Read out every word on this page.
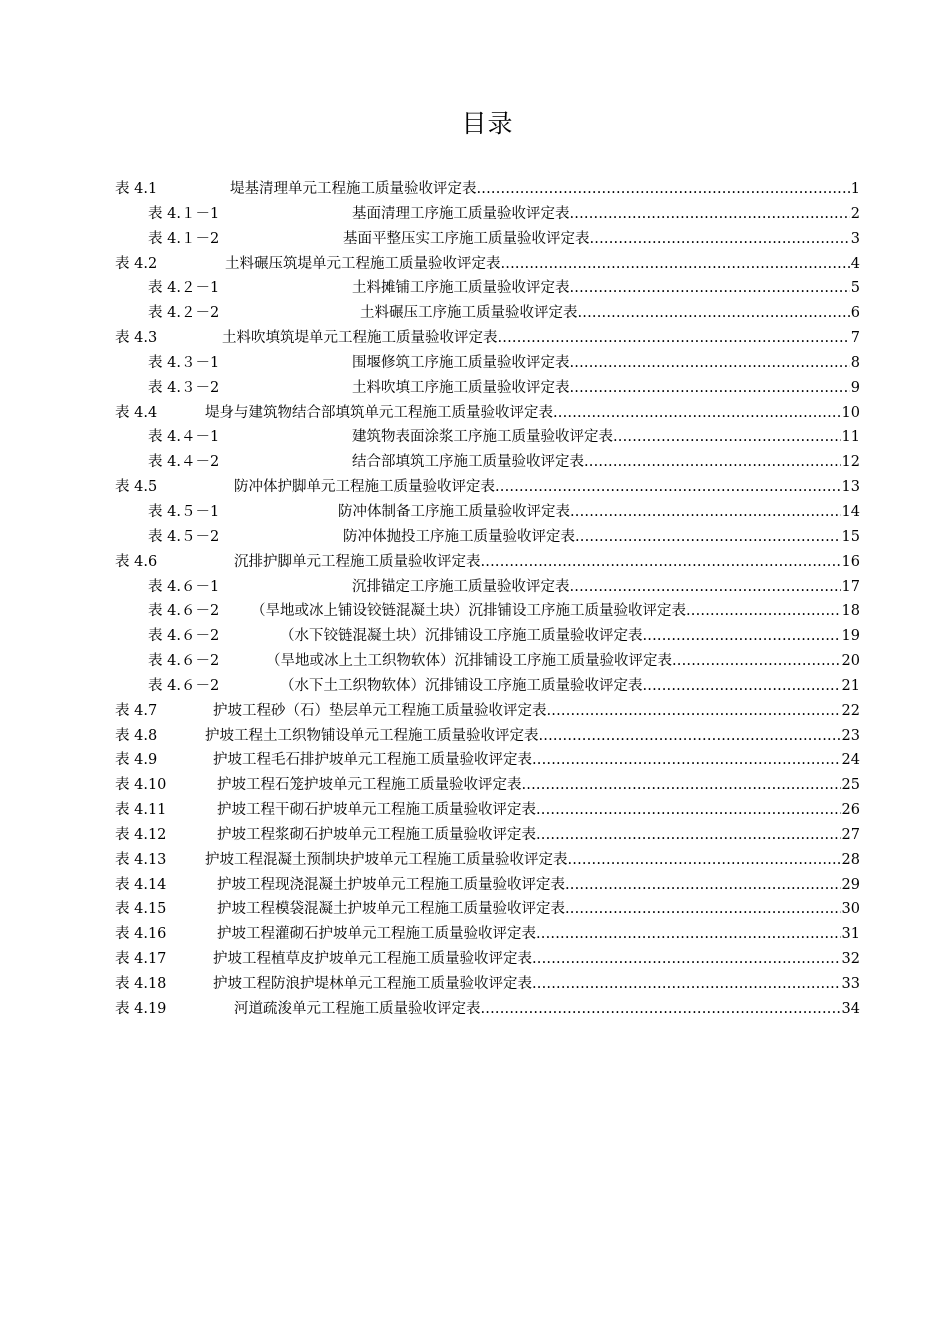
目录
表 4.1	堤基清理单元工程施工质量验收评定表 .....	1
表 4.１－1	基面清理工序施工质量验收评定表 .....	2
表 4.１－2	基面平整压实工序施工质量验收评定表 .....	3
表 4.2	土料碾压筑堤单元工程施工质量验收评定表 .....	4
表 4.２－1	土料摊铺工序施工质量验收评定表 .....	5
表 4.２－2	土料碾压工序施工质量验收评定表 .....	6
表 4.3	土料吹填筑堤单元工程施工质量验收评定表 .....	7
表 4.３－1	围堰修筑工序施工质量验收评定表 .....	8
表 4.３－2	土料吹填工序施工质量验收评定表 .....	9
表 4.4	堤身与建筑物结合部填筑单元工程施工质量验收评定表 .....	10
表 4.４－1	建筑物表面涂浆工序施工质量验收评定表 .....	11
表 4.４－2	结合部填筑工序施工质量验收评定表 .....	12
表 4.5	防冲体护脚单元工程施工质量验收评定表 .....	13
表 4.５－1	防冲体制备工序施工质量验收评定表 .....	14
表 4.５－2	防冲体抛投工序施工质量验收评定表 .....	15
表 4.6	沉排护脚单元工程施工质量验收评定表 .....	16
表 4.６－1	沉排锚定工序施工质量验收评定表 .....	17
表 4.６－2 （旱地或冰上铺设铰链混凝土块）沉排铺设工序施工质量验收评定表 .....	18
表 4.６－2	（水下铰链混凝土块）沉排铺设工序施工质量验收评定表 .....	19
表 4.６－2	（旱地或冰上土工织物软体）沉排铺设工序施工质量验收评定表 .....	20
表 4.６－2	（水下土工织物软体）沉排铺设工序施工质量验收评定表 .....	21
表 4.7	护坡工程砂（石）垫层单元工程施工质量验收评定表 .....	22
表 4.8	护坡工程土工织物铺设单元工程施工质量验收评定表 .....	23
表 4.9	护坡工程毛石排护坡单元工程施工质量验收评定表 .....	24
表 4.10	护坡工程石笼护坡单元工程施工质量验收评定表 .....	25
表 4.11	护坡工程干砌石护坡单元工程施工质量验收评定表 .....	26
表 4.12	护坡工程浆砌石护坡单元工程施工质量验收评定表 .....	27
表 4.13	护坡工程混凝土预制块护坡单元工程施工质量验收评定表 .....	28
表 4.14	护坡工程现浇混凝土护坡单元工程施工质量验收评定表 .....	29
表 4.15	护坡工程模袋混凝土护坡单元工程施工质量验收评定表 .....	30
表 4.16	护坡工程灌砌石护坡单元工程施工质量验收评定表 .....	31
表 4.17	护坡工程植草皮护坡单元工程施工质量验收评定表 .....	32
表 4.18	护坡工程防浪护堤林单元工程施工质量验收评定表 .....	33
表 4.19	河道疏浚单元工程施工质量验收评定表 .....	34
